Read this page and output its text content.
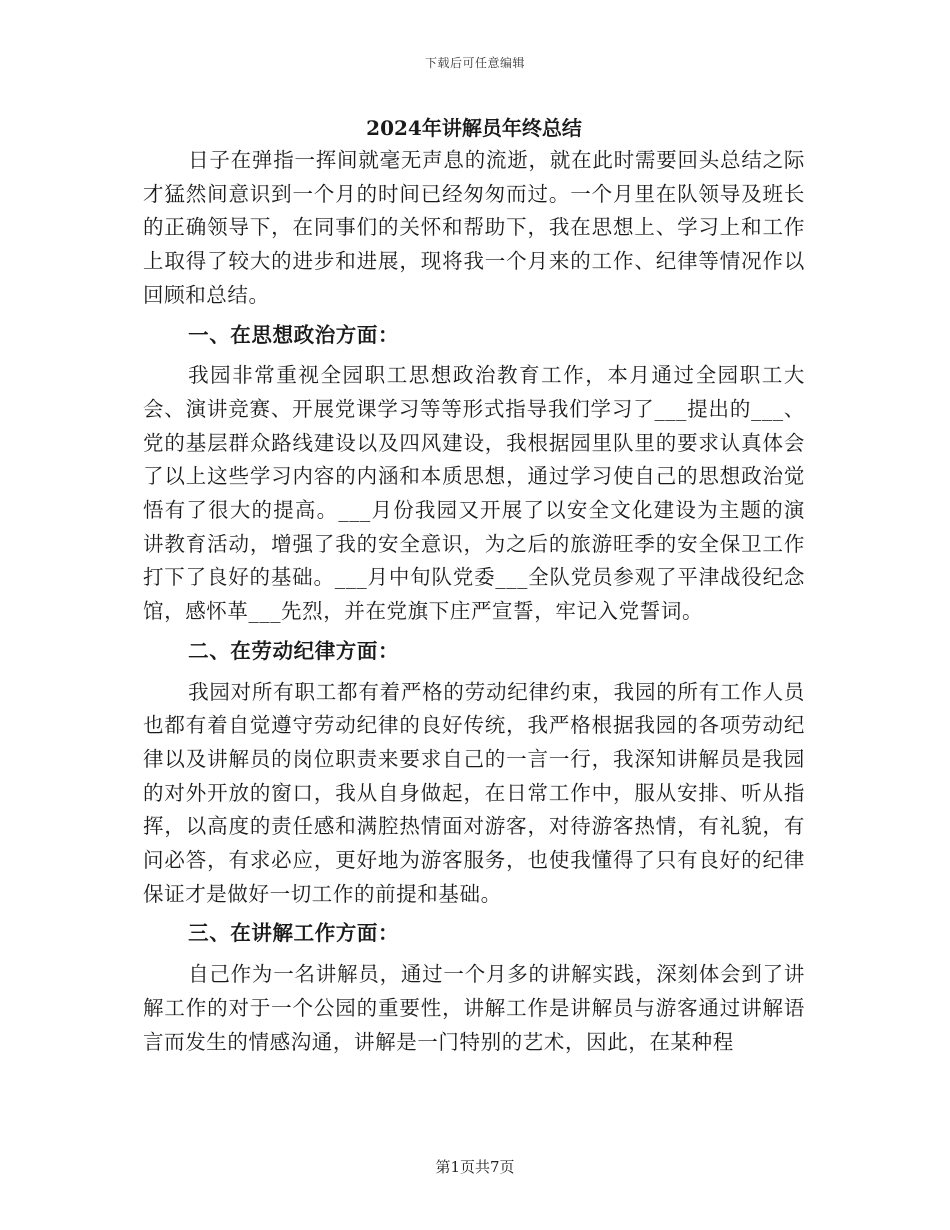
下载后可任意编辑
2024年讲解员年终总结

日子在弹指一挥间就毫无声息的流逝，就在此时需要回头总结之际才猛然间意识到一个月的时间已经匆匆而过。一个月里在队领导及班长的正确领导下，在同事们的关怀和帮助下，我在思想上、学习上和工作上取得了较大的进步和进展，现将我一个月来的工作、纪律等情况作以回顾和总结。

一、在思想政治方面：

我园非常重视全园职工思想政治教育工作，本月通过全园职工大会、演讲竞赛、开展党课学习等等形式指导我们学习了___提出的___、党的基层群众路线建设以及四风建设，我根据园里队里的要求认真体会了以上这些学习内容的内涵和本质思想，通过学习使自己的思想政治觉悟有了很大的提高。___月份我园又开展了以安全文化建设为主题的演讲教育活动，增强了我的安全意识，为之后的旅游旺季的安全保卫工作打下了良好的基础。___月中旬队党委___全队党员参观了平津战役纪念馆，感怀革___先烈，并在党旗下庄严宣誓，牢记入党誓词。

二、在劳动纪律方面：

我园对所有职工都有着严格的劳动纪律约束，我园的所有工作人员也都有着自觉遵守劳动纪律的良好传统，我严格根据我园的各项劳动纪律以及讲解员的岗位职责来要求自己的一言一行，我深知讲解员是我园的对外开放的窗口，我从自身做起，在日常工作中，服从安排、听从指挥，以高度的责任感和满腔热情面对游客，对待游客热情，有礼貌，有问必答，有求必应，更好地为游客服务，也使我懂得了只有良好的纪律保证才是做好一切工作的前提和基础。

三、在讲解工作方面：

自己作为一名讲解员，通过一个月多的讲解实践，深刻体会到了讲解工作的对于一个公园的重要性，讲解工作是讲解员与游客通过讲解语言而发生的情感沟通，讲解是一门特别的艺术，因此，在某种程

第1页共7页
